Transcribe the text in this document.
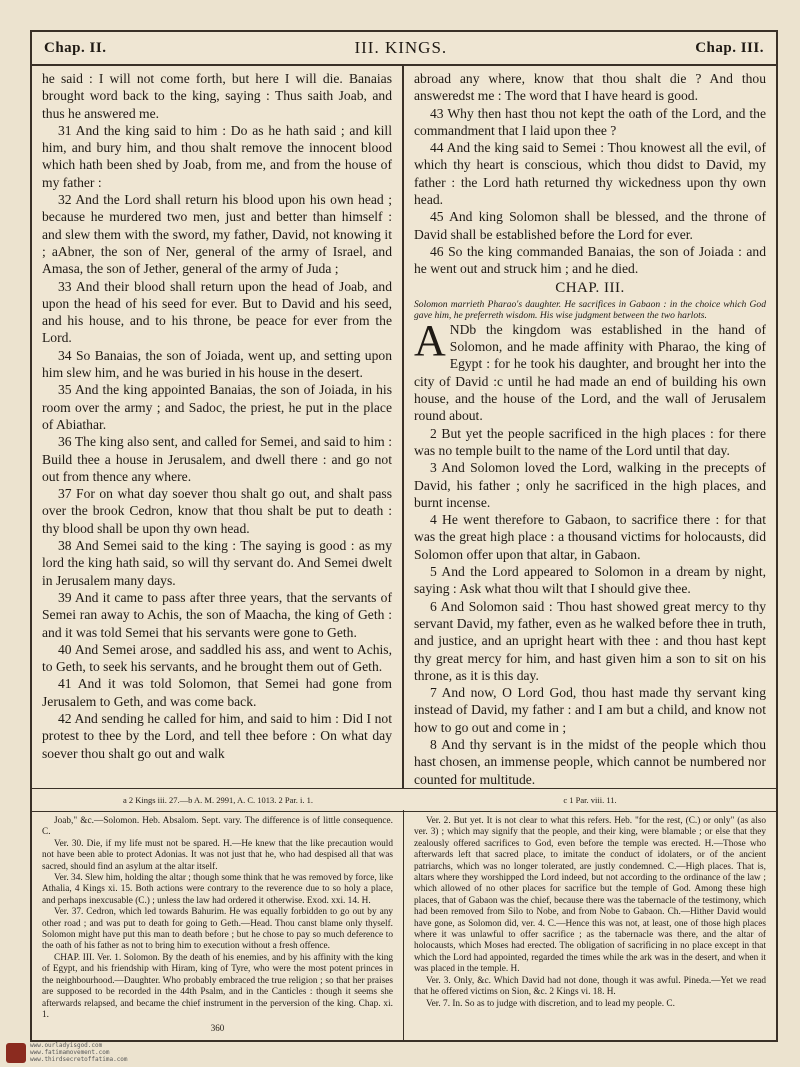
Chap. II.	III. KINGS.	Chap. III.

he said : I will not come forth, but here I will die. Banaias brought word back to the king, saying : Thus saith Joab, and thus he answered me.

31 And the king said to him : Do as he hath said ; and kill him, and bury him, and thou shalt remove the innocent blood which hath been shed by Joab, from me, and from the house of my father :

32 And the Lord shall return his blood upon his own head ; because he murdered two men, just and better than himself : and slew them with the sword, my father, David, not knowing it ; aAbner, the son of Ner, general of the army of Israel, and Amasa, the son of Jether, general of the army of Juda ;

33 And their blood shall return upon the head of Joab, and upon the head of his seed for ever. But to David and his seed, and his house, and to his throne, be peace for ever from the Lord.

34 So Banaias, the son of Joiada, went up, and setting upon him slew him, and he was buried in his house in the desert.

35 And the king appointed Banaias, the son of Joiada, in his room over the army ; and Sadoc, the priest, he put in the place of Abiathar.

36 The king also sent, and called for Semei, and said to him : Build thee a house in Jerusalem, and dwell there : and go not out from thence any where.

37 For on what day soever thou shalt go out, and shalt pass over the brook Cedron, know that thou shalt be put to death : thy blood shall be upon thy own head.

38 And Semei said to the king : The saying is good : as my lord the king hath said, so will thy servant do. And Semei dwelt in Jerusalem many days.

39 And it came to pass after three years, that the servants of Semei ran away to Achis, the son of Maacha, the king of Geth : and it was told Semei that his servants were gone to Geth.

40 And Semei arose, and saddled his ass, and went to Achis, to Geth, to seek his servants, and he brought them out of Geth.

41 And it was told Solomon, that Semei had gone from Jerusalem to Geth, and was come back.

42 And sending he called for him, and said to him : Did I not protest to thee by the Lord, and tell thee before : On what day soever thou shalt go out and walk

abroad any where, know that thou shalt die ? And thou answeredst me : The word that I have heard is good.

43 Why then hast thou not kept the oath of the Lord, and the commandment that I laid upon thee ?

44 And the king said to Semei : Thou knowest all the evil, of which thy heart is conscious, which thou didst to David, my father : the Lord hath returned thy wickedness upon thy own head.

45 And king Solomon shall be blessed, and the throne of David shall be established before the Lord for ever.

46 So the king commanded Banaias, the son of Joiada : and he went out and struck him ; and he died.

CHAP. III.

Solomon marrieth Pharao's daughter. He sacrifices in Gabaon : in the choice which God gave him, he preferreth wisdom. His wise judgment between the two harlots.

A NDb the kingdom was established in the hand of Solomon, and he made affinity with Pharao, the king of Egypt : for he took his daughter, and brought her into the city of David :c until he had made an end of building his own house, and the house of the Lord, and the wall of Jerusalem round about.

2 But yet the people sacrificed in the high places : for there was no temple built to the name of the Lord until that day.

3 And Solomon loved the Lord, walking in the precepts of David, his father ; only he sacrificed in the high places, and burnt incense.

4 He went therefore to Gabaon, to sacrifice there : for that was the great high place : a thousand victims for holocausts, did Solomon offer upon that altar, in Gabaon.

5 And the Lord appeared to Solomon in a dream by night, saying : Ask what thou wilt that I should give thee.

6 And Solomon said : Thou hast showed great mercy to thy servant David, my father, even as he walked before thee in truth, and justice, and an upright heart with thee : and thou hast kept thy great mercy for him, and hast given him a son to sit on his throne, as it is this day.

7 And now, O Lord God, thou hast made thy servant king instead of David, my father : and I am but a child, and know not how to go out and come in ;

8 And thy servant is in the midst of the people which thou hast chosen, an immense people, which cannot be numbered nor counted for multitude.

a 2 Kings iii. 27.—b A. M. 2991, A. C. 1013. 2 Par. i. 1.	c 1 Par. viii. 11.

Joab," &c.—Solomon. Heb. Absalom. Sept. vary. The difference is of little consequence. C.

Ver. 30. Die, if my life must not be spared. H.—He knew that the like precaution would not have been able to protect Adonias. It was not just that he, who had despised all that was sacred, should find an asylum at the altar itself.

Ver. 34. Slew him, holding the altar ; though some think that he was removed by force, like Athalia, 4 Kings xi. 15. Both actions were contrary to the reverence due to so holy a place, and perhaps inexcusable (C.) ; unless the law had ordered it otherwise. Exod. xxi. 14. H.

Ver. 37. Cedron, which led towards Bahurim. He was equally forbidden to go out by any other road ; and was put to death for going to Geth.—Head. Thou canst blame only thyself. Solomon might have put this man to death before ; but he chose to pay so much deference to the oath of his father as not to bring him to execution without a fresh offence.

CHAP. III. Ver. 1. Solomon. By the death of his enemies, and by his affinity with the king of Egypt, and his friendship with Hiram, king of Tyre, who were the most potent princes in the neighbourhood.—Daughter. Who probably embraced the true religion ; so that her praises are supposed to be recorded in the 44th Psalm, and in the Canticles : though it seems she afterwards relapsed, and became the chief instrument in the perversion of the king. Chap. xi. 1.

360

Ver. 2. But yet. It is not clear to what this refers. Heb. "for the rest, (C.) or only" (as also ver. 3) ; which may signify that the people, and their king, were blamable ; or else that they zealously offered sacrifices to God, even before the temple was erected. H.—Those who afterwards left that sacred place, to imitate the conduct of idolaters, or of the ancient patriarchs, which was no longer tolerated, are justly condemned. C.—High places. That is, altars where they worshipped the Lord indeed, but not according to the ordinance of the law ; which allowed of no other places for sacrifice but the temple of God. Among these high places, that of Gabaon was the chief, because there was the tabernacle of the testimony, which had been removed from Silo to Nobe, and from Nobe to Gabaon. Ch.—Hither David would have gone, as Solomon did, ver. 4. C.—Hence this was not, at least, one of those high places where it was unlawful to offer sacrifice ; as the tabernacle was there, and the altar of holocausts, which Moses had erected. The obligation of sacrificing in no place except in that which the Lord had appointed, regarded the times while the ark was in the desert, and when it was placed in the temple. H.

Ver. 3. Only, &c. Which David had not done, though it was awful. Pineda.—Yet we read that he offered victims on Sion, &c. 2 Kings vi. 18. H.

Ver. 7. In. So as to judge with discretion, and to lead my people. C.

www.ourladyisgod.com
www.fatimamovement.com
www.thirdsecretoffatima.com
